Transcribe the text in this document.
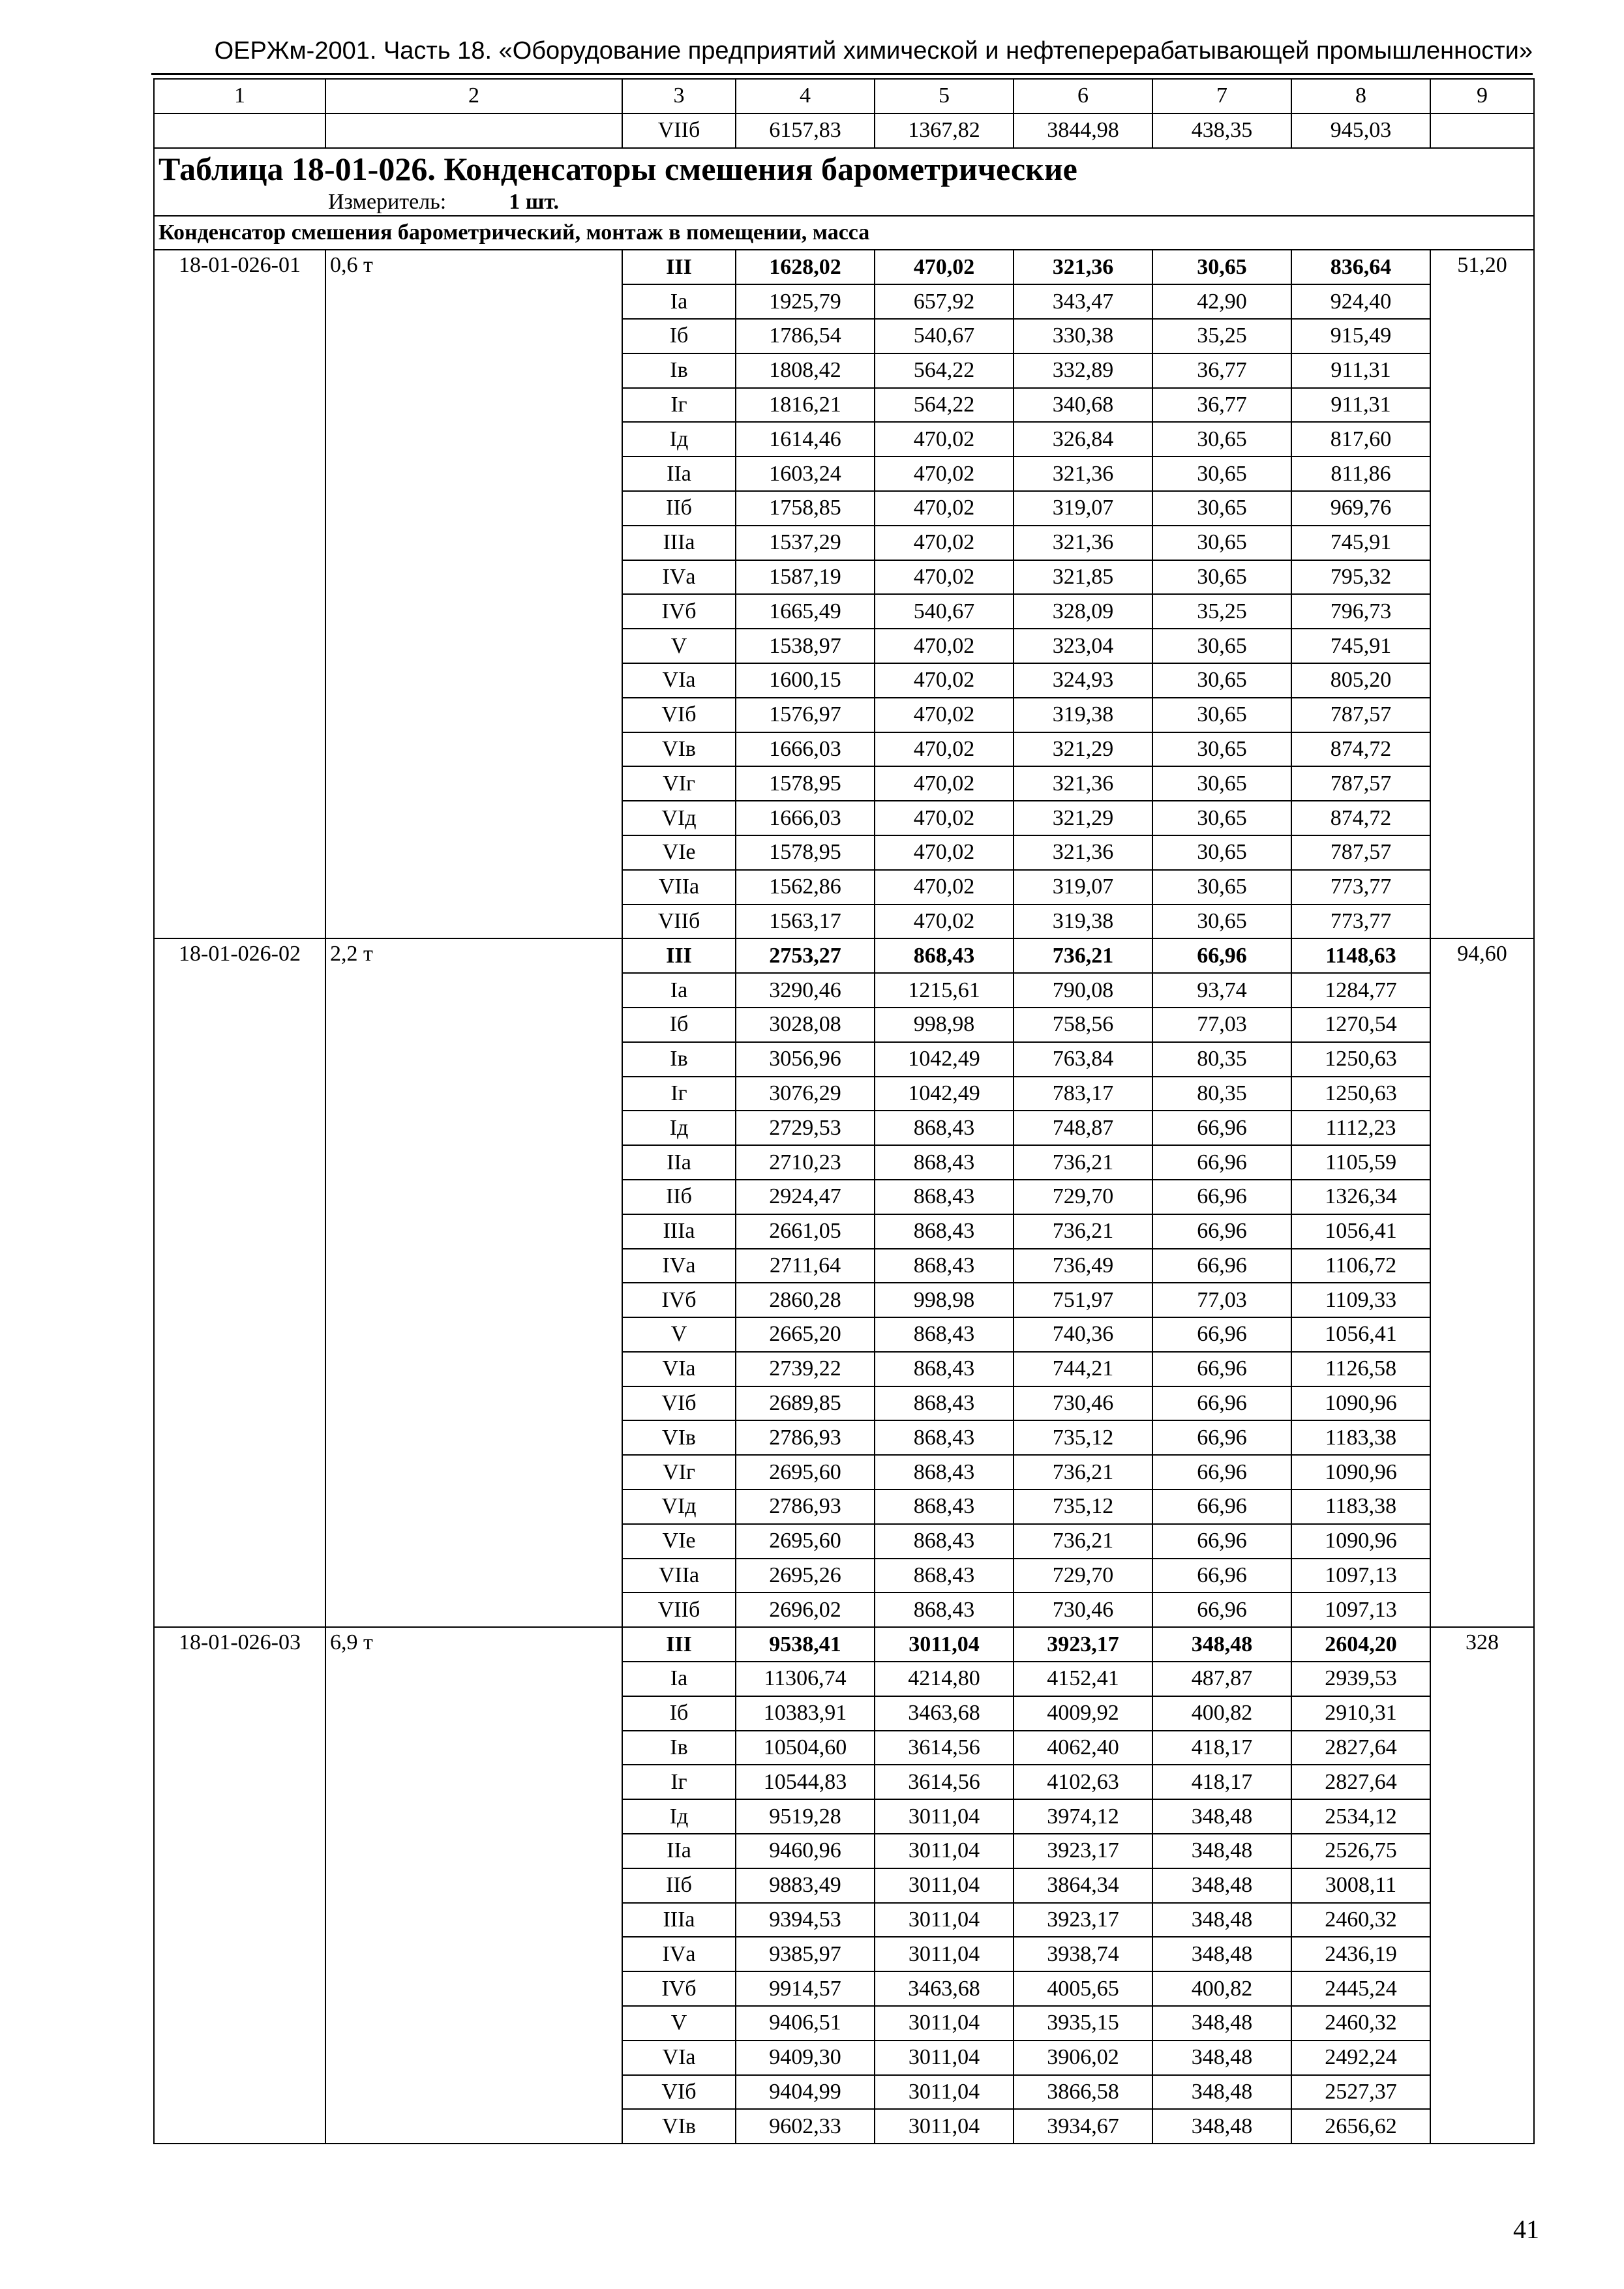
ОЕРЖм-2001. Часть 18. «Оборудование предприятий химической и нефтеперерабатывающей промышленности»
1	2	3	4	5	6	7	8	9
		VIIб	6157,83	1367,82	3844,98	438,35	945,03	

Таблица 18-01-026. Конденсаторы смешения барометрические
Измеритель: 1 шт.								

Конденсатор смешения барометрический, монтаж в помещении, масса								
18-01-026-01	0,6 т	III	1628,02	470,02	321,36	30,65	836,64	51,20
		Iа	1925,79	657,92	343,47	42,90	924,40	
		Iб	1786,54	540,67	330,38	35,25	915,49	
		Iв	1808,42	564,22	332,89	36,77	911,31	
		Iг	1816,21	564,22	340,68	36,77	911,31	
		Iд	1614,46	470,02	326,84	30,65	817,60	
		IIа	1603,24	470,02	321,36	30,65	811,86	
		IIб	1758,85	470,02	319,07	30,65	969,76	
		IIIа	1537,29	470,02	321,36	30,65	745,91	
		IVа	1587,19	470,02	321,85	30,65	795,32	
		IVб	1665,49	540,67	328,09	35,25	796,73	
		V	1538,97	470,02	323,04	30,65	745,91	
		VIа	1600,15	470,02	324,93	30,65	805,20	
		VIб	1576,97	470,02	319,38	30,65	787,57	
		VIв	1666,03	470,02	321,29	30,65	874,72	
		VIг	1578,95	470,02	321,36	30,65	787,57	
		VIд	1666,03	470,02	321,29	30,65	874,72	
		VIе	1578,95	470,02	321,36	30,65	787,57	
		VIIа	1562,86	470,02	319,07	30,65	773,77	
		VIIб	1563,17	470,02	319,38	30,65	773,77	
18-01-026-02	2,2 т	III	2753,27	868,43	736,21	66,96	1148,63	94,60
		Iа	3290,46	1215,61	790,08	93,74	1284,77	
		Iб	3028,08	998,98	758,56	77,03	1270,54	
		Iв	3056,96	1042,49	763,84	80,35	1250,63	
		Iг	3076,29	1042,49	783,17	80,35	1250,63	
		Iд	2729,53	868,43	748,87	66,96	1112,23	
		IIа	2710,23	868,43	736,21	66,96	1105,59	
		IIб	2924,47	868,43	729,70	66,96	1326,34	
		IIIа	2661,05	868,43	736,21	66,96	1056,41	
		IVа	2711,64	868,43	736,49	66,96	1106,72	
		IVб	2860,28	998,98	751,97	77,03	1109,33	
		V	2665,20	868,43	740,36	66,96	1056,41	
		VIа	2739,22	868,43	744,21	66,96	1126,58	
		VIб	2689,85	868,43	730,46	66,96	1090,96	
		VIв	2786,93	868,43	735,12	66,96	1183,38	
		VIг	2695,60	868,43	736,21	66,96	1090,96	
		VIд	2786,93	868,43	735,12	66,96	1183,38	
		VIе	2695,60	868,43	736,21	66,96	1090,96	
		VIIа	2695,26	868,43	729,70	66,96	1097,13	
		VIIб	2696,02	868,43	730,46	66,96	1097,13	
18-01-026-03	6,9 т	III	9538,41	3011,04	3923,17	348,48	2604,20	328
		Iа	11306,74	4214,80	4152,41	487,87	2939,53	
		Iб	10383,91	3463,68	4009,92	400,82	2910,31	
		Iв	10504,60	3614,56	4062,40	418,17	2827,64	
		Iг	10544,83	3614,56	4102,63	418,17	2827,64	
		Iд	9519,28	3011,04	3974,12	348,48	2534,12	
		IIа	9460,96	3011,04	3923,17	348,48	2526,75	
		IIб	9883,49	3011,04	3864,34	348,48	3008,11	
		IIIа	9394,53	3011,04	3923,17	348,48	2460,32	
		IVа	9385,97	3011,04	3938,74	348,48	2436,19	
		IVб	9914,57	3463,68	4005,65	400,82	2445,24	
		V	9406,51	3011,04	3935,15	348,48	2460,32	
		VIа	9409,30	3011,04	3906,02	348,48	2492,24	
		VIб	9404,99	3011,04	3866,58	348,48	2527,37	
		VIв	9602,33	3011,04	3934,67	348,48	2656,62	
41
